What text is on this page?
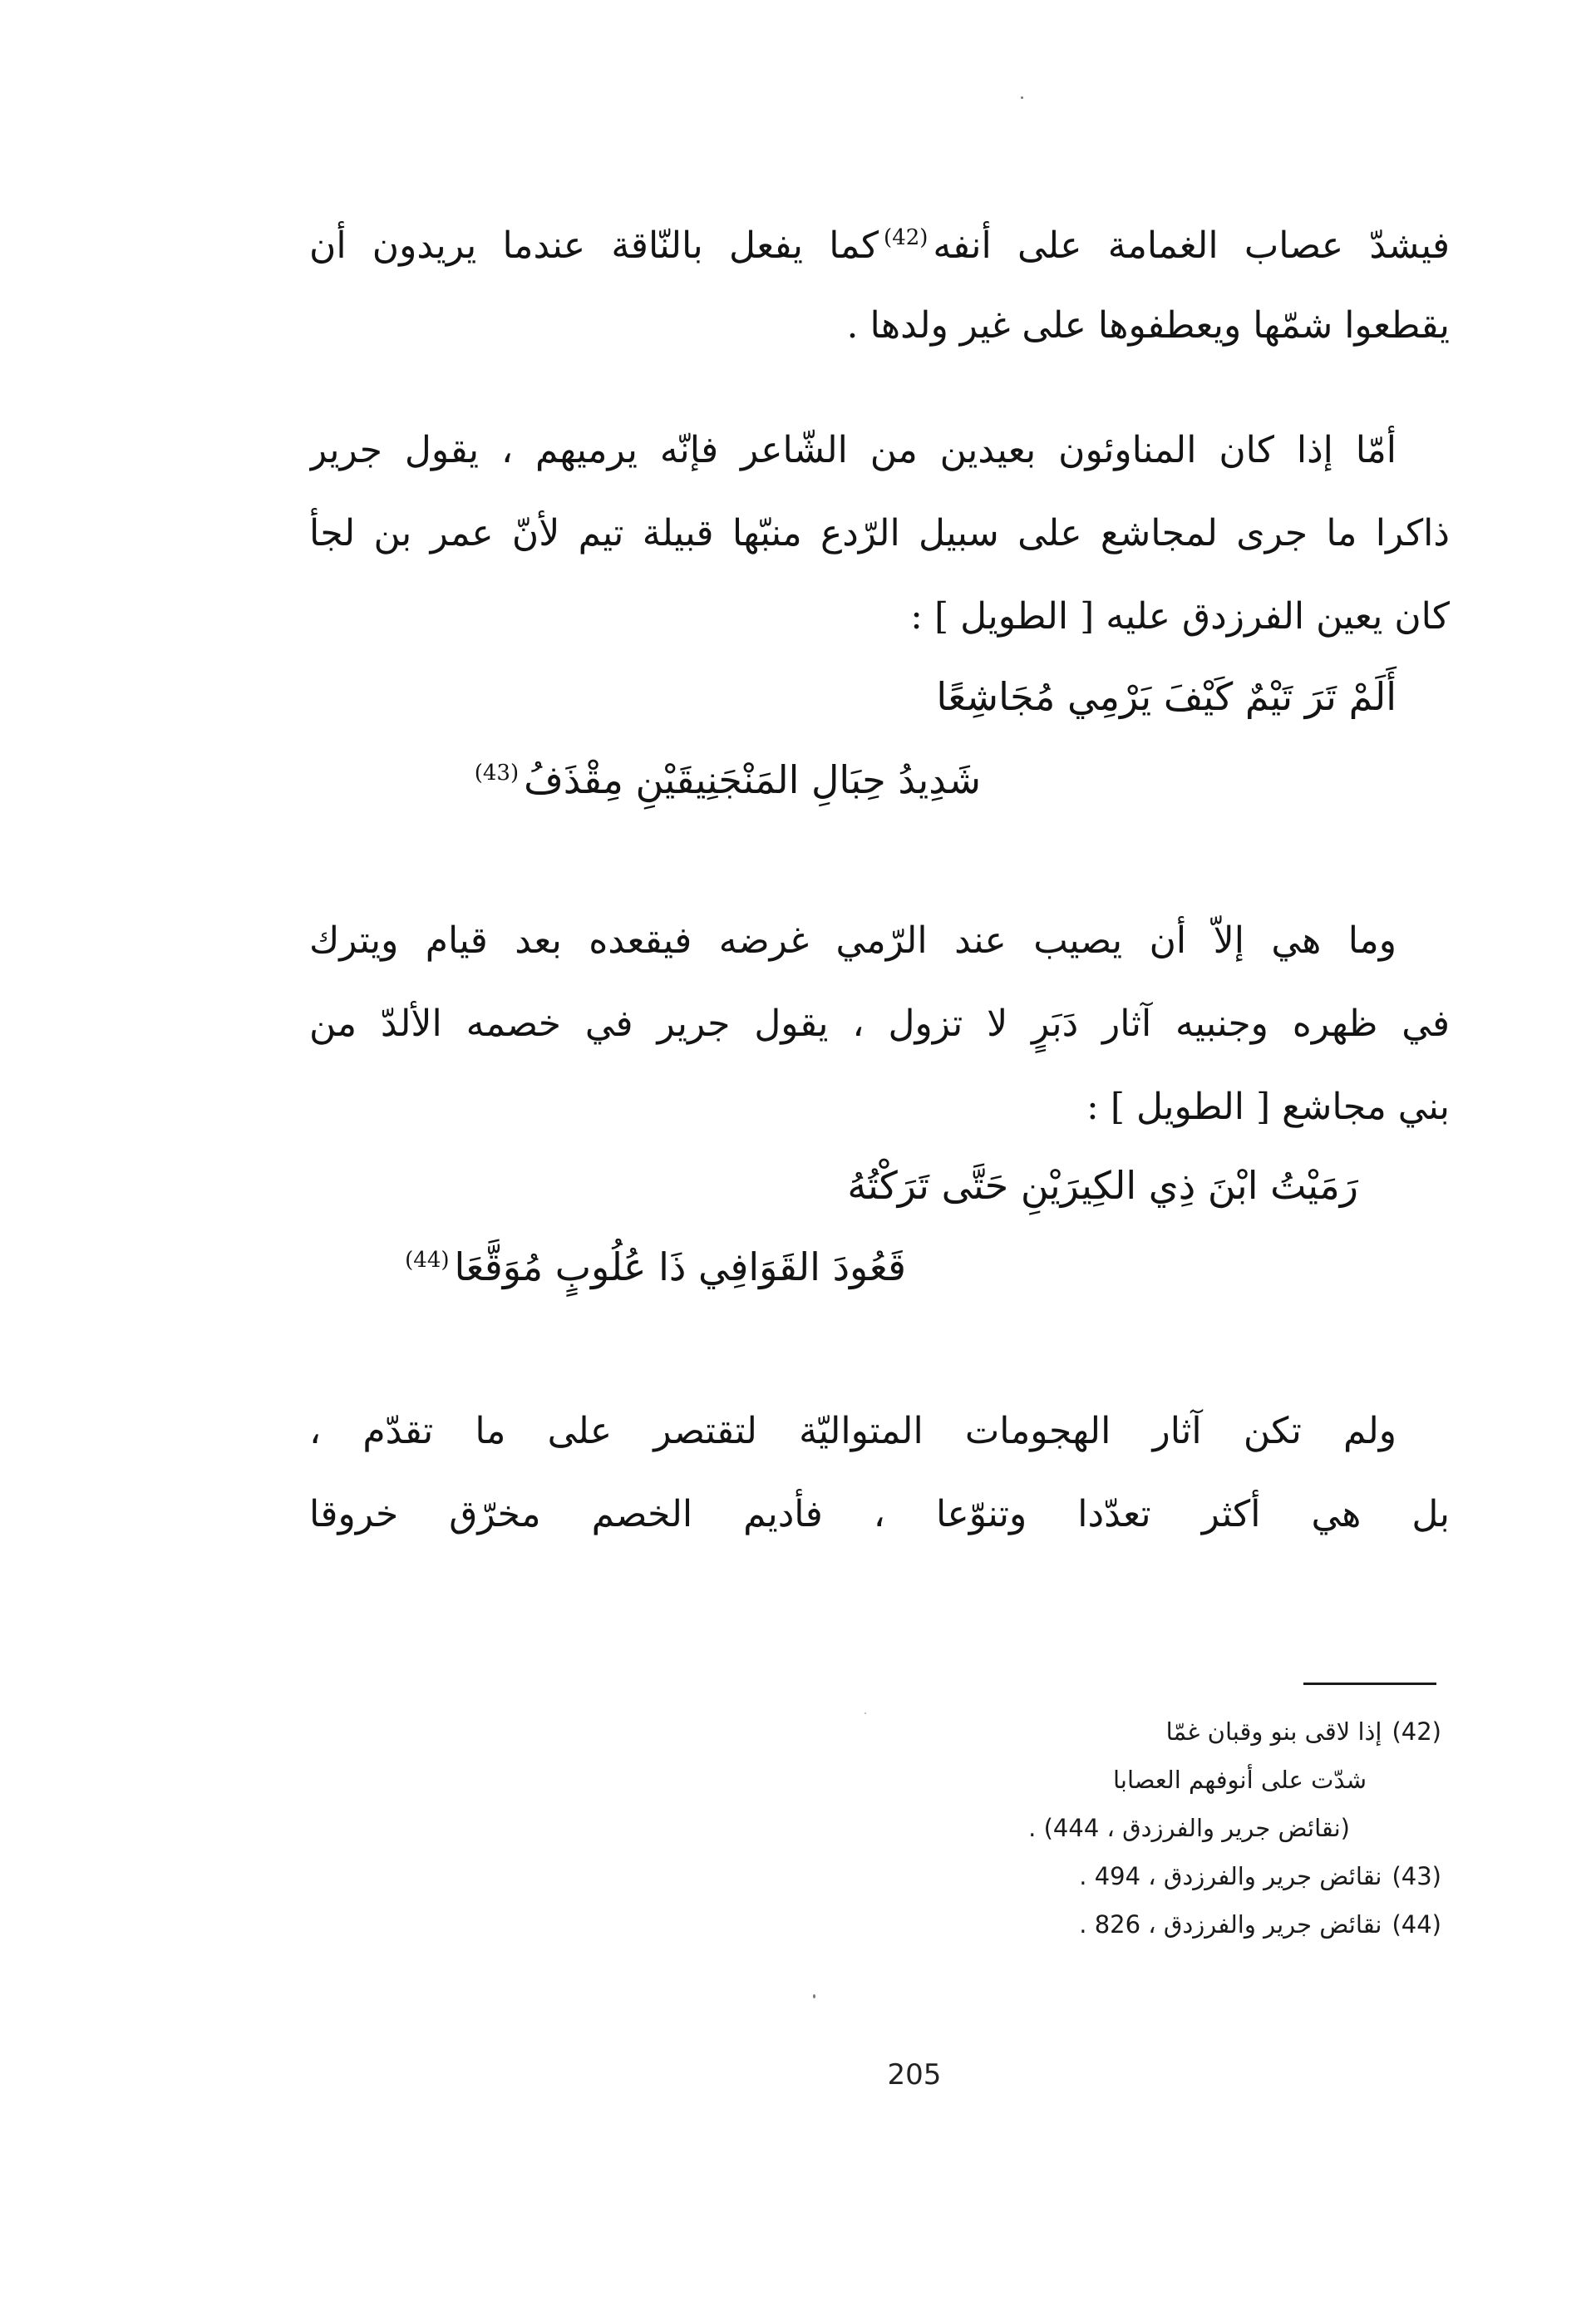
فيشدّ عصاب الغمامة على أنفه$^{(42)}$كما يفعل بالنّاقة عندما يريدون أن
يقطعوا شمّها ويعطفوها على غير ولدها .
أمّا إذا كان المناوئون بعيدين من الشّاعر فإنّه يرميهم ، يقول جرير
ذاكرا ما جرى لمجاشع على سبيل الرّدع منبّها قبيلة تيم لأنّ عمر بن لجأ
كان يعين الفرزدق عليه [ الطويل ] :
أَلَمْ تَرَ تَيْمٌ كَيْفَ يَرْمِي مُجَاشِعًا
شَدِيدُ حِبَالِ المَنْجَنِيقَيْنِ مِقْذَفُ$^{(43)}$
وما هي إلاّ أن يصيب عند الرّمي غرضه فيقعده بعد قيام ويترك
في ظهره وجنبيه آثار دَبَرٍ لا تزول ، يقول جرير في خصمه الألدّ من
بني مجاشع [ الطويل ] :
رَمَيْتُ ابْنَ ذِي الكِيرَيْنِ حَتَّى تَرَكْتُهُ
قَعُودَ القَوَافِي ذَا عُلُوبٍ مُوَقَّعَا$^{(44)}$
ولم تكن آثار الهجومات المتواليّة لتقتصر على ما تقدّم ،
بل هي أكثر تعدّدا وتنوّعا ، فأديم الخصم مخرّق خروقا
(42)إذا لاقى بنو وقبان غمّا
شدّت على أنوفهم العصابا
(نقائض جرير والفرزدق ، 444) .
(43)نقائض جرير والفرزدق ، 494 .
(44)نقائض جرير والفرزدق ، 826 .
205
